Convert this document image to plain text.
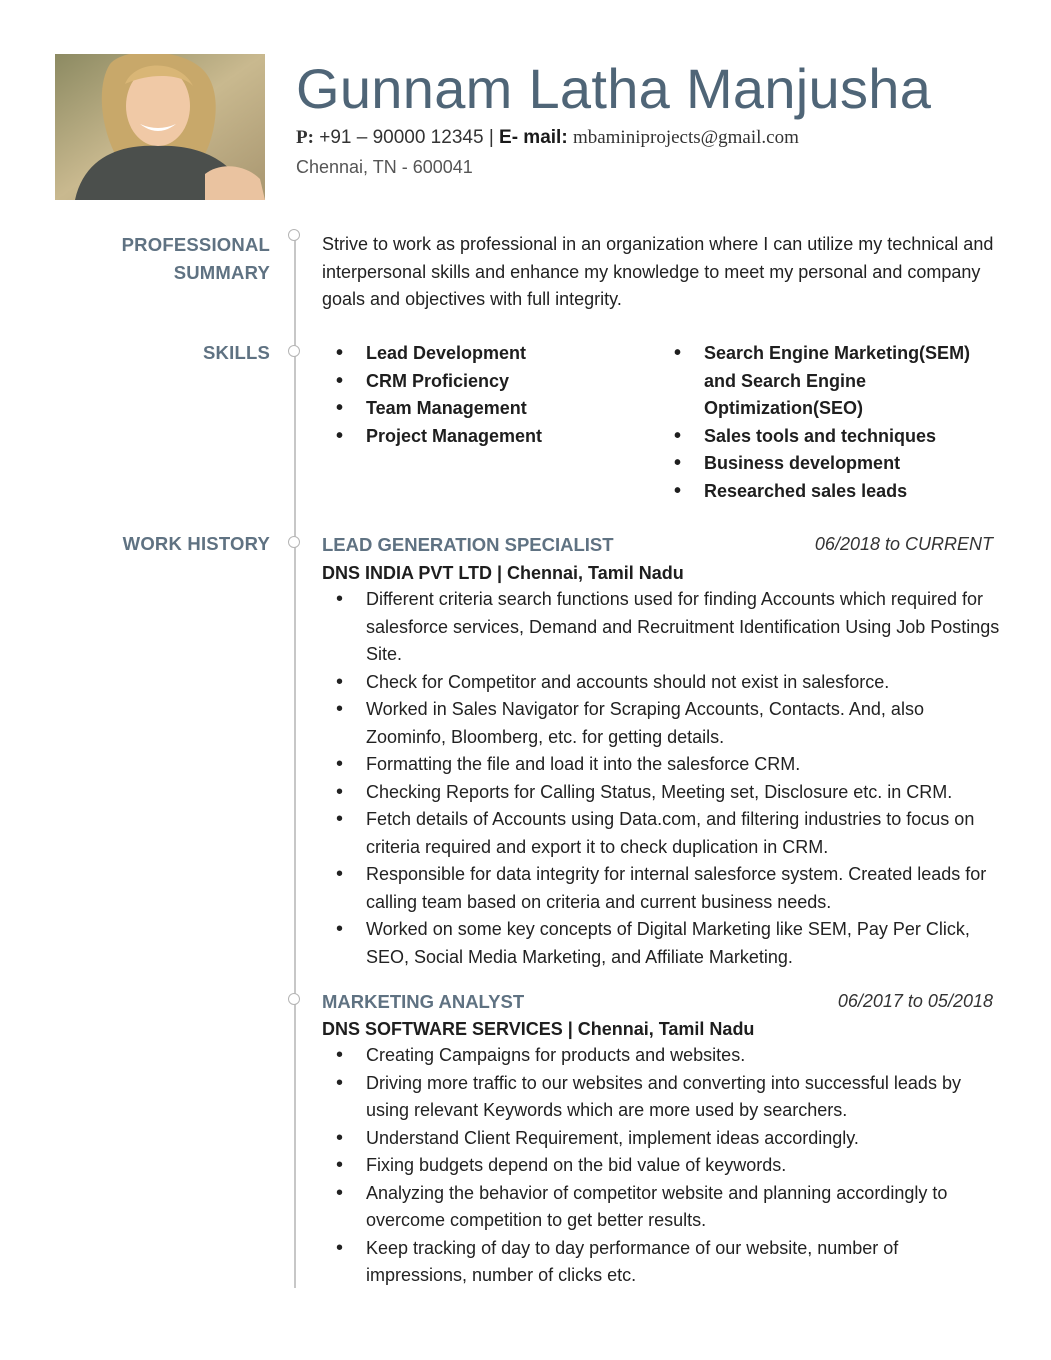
Gunnam Latha Manjusha
P: +91 – 90000 12345 | E- mail: mbaminiprojects@gmail.com
Chennai, TN - 600041
PROFESSIONAL
SUMMARY
Strive to work as professional in an organization where I can utilize my technical and interpersonal skills and enhance my knowledge to meet my personal and company goals and objectives with full integrity.
SKILLS
•	Lead Development
• CRM Proficiency
• Team Management
• Project Management
• Search Engine Marketing(SEM) and Search Engine Optimization(SEO)
• Sales tools and techniques
• Business development
• Researched sales leads
WORK HISTORY	LEAD GENERATION SPECIALIST	06/2018 to CURRENT
DNS INDIA PVT LTD | Chennai, Tamil Nadu
• Different criteria search functions used for finding Accounts which required for salesforce services, Demand and Recruitment Identification Using Job Postings Site.
• Check for Competitor and accounts should not exist in salesforce.
• Worked in Sales Navigator for Scraping Accounts, Contacts. And, also Zoominfo, Bloomberg, etc. for getting details.
• Formatting the file and load it into the salesforce CRM.
• Checking Reports for Calling Status, Meeting set, Disclosure etc. in CRM.
• Fetch details of Accounts using Data.com, and filtering industries to focus on criteria required and export it to check duplication in CRM.
• Responsible for data integrity for internal salesforce system. Created leads for calling team based on criteria and current business needs.
• Worked on some key concepts of Digital Marketing like SEM, Pay Per Click, SEO, Social Media Marketing, and Affiliate Marketing.
MARKETING ANALYST	06/2017 to 05/2018
DNS SOFTWARE SERVICES | Chennai, Tamil Nadu
• Creating Campaigns for products and websites.
• Driving more traffic to our websites and converting into successful leads by using relevant Keywords which are more used by searchers.
• Understand Client Requirement, implement ideas accordingly.
• Fixing budgets depend on the bid value of keywords.
• Analyzing the behavior of competitor website and planning accordingly to overcome competition to get better results.
• Keep tracking of day to day performance of our website, number of impressions, number of clicks etc.
